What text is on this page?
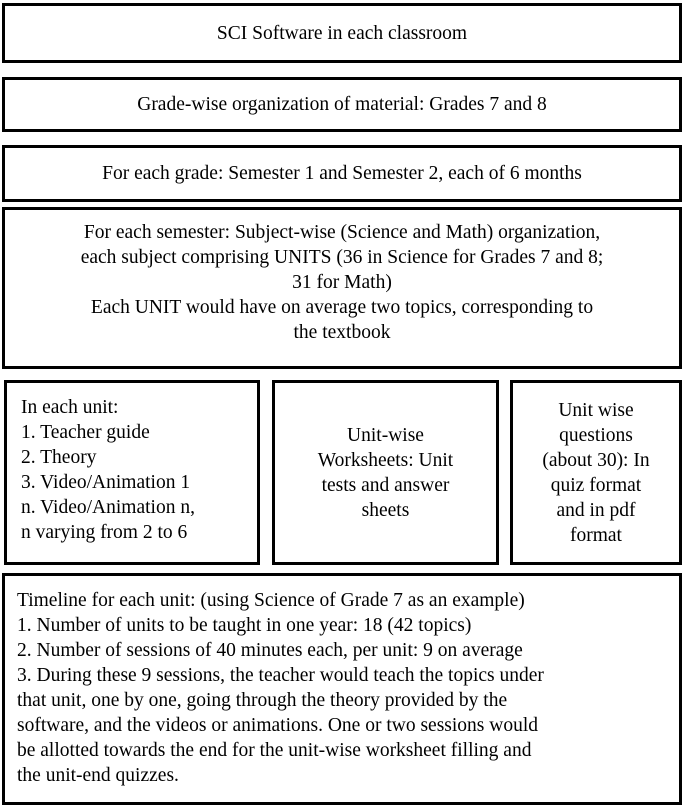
SCI Software in each classroom
Grade-wise organization of material: Grades 7 and 8
For each grade: Semester 1 and Semester 2, each of 6 months
For each semester: Subject-wise (Science and Math) organization,
each subject comprising UNITS (36 in Science for Grades 7 and 8;
31 for Math)
Each UNIT would have on average two topics, corresponding to
the textbook
In each unit:
1. Teacher guide
2. Theory
3. Video/Animation 1
n. Video/Animation n,
n varying from 2 to 6
Unit-wise
Worksheets: Unit
tests and answer
sheets
Unit wise
questions
(about 30): In
quiz format
and in pdf
format
Timeline for each unit: (using Science of Grade 7 as an example)
1. Number of units to be taught in one year: 18 (42 topics)
2. Number of sessions of 40 minutes each, per unit: 9 on average
3. During these 9 sessions, the teacher would teach the topics under
that unit, one by one, going through the theory provided by the
software, and the videos or animations. One or two sessions would
be allotted towards the end for the unit-wise worksheet filling and
the unit-end quizzes.
